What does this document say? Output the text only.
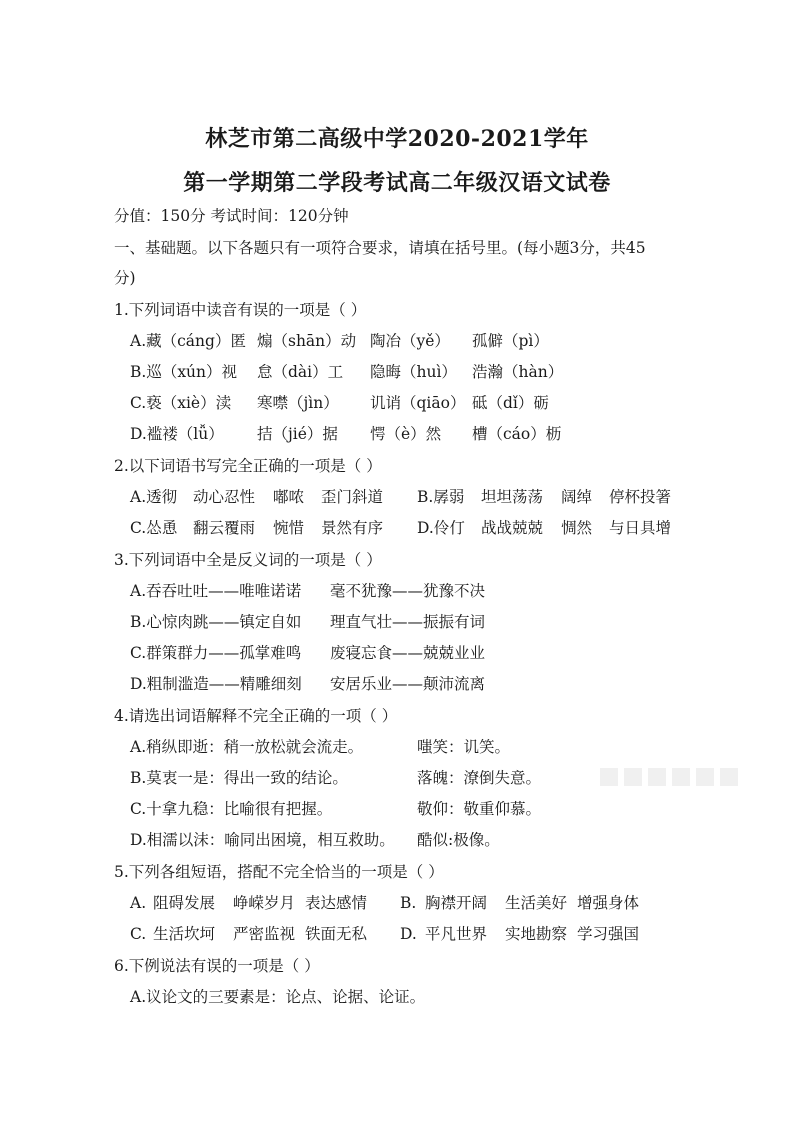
林芝市第二高级中学2020-2021学年
第一学期第二学段考试高二年级汉语文试卷
分值：150分 考试时间：120分钟
一、基础题。以下各题只有一项符合要求，请填在括号里。(每小题3分，共45
分)
1.下列词语中读音有误的一项是（ ）
A.藏（cáng）匿 煽（shān）动 陶冶（yě） 孤僻（pì）
B.巡（xún）视 怠（dài）工 隐晦（huì） 浩瀚（hàn）
C.亵（xiè）渎 寒噤（jìn） 讥诮（qiāo） 砥（dǐ）砺
D.褴褛（lǚ） 拮（jié）据 愕（è）然 槽（cáo）枥
2.以下词语书写完全正确的一项是（ ）
A.透彻 动心忍性 嘟哝 歪门斜道 B.孱弱 坦坦荡荡 阔绰 停杯投箸
C.怂恿 翻云覆雨 惋惜 景然有序 D.伶仃 战战兢兢 惆然 与日具增
3.下列词语中全是反义词的一项是（ ）
A.吞吞吐吐——唯唯诺诺 毫不犹豫——犹豫不决
B.心惊肉跳——镇定自如 理直气壮——振振有词
C.群策群力——孤掌难鸣 废寝忘食——兢兢业业
D.粗制滥造——精雕细刻 安居乐业——颠沛流离
4.请选出词语解释不完全正确的一项（ ）
A.稍纵即逝：稍一放松就会流走。	嗤笑：讥笑。
B.莫衷一是：得出一致的结论。	落魄：潦倒失意。
C.十拿九稳：比喻很有把握。	敬仰：敬重仰慕。
D.相濡以沫：喻同出困境，相互救助。 酷似:极像。
5.下列各组短语，搭配不完全恰当的一项是（ ）
A. 阻碍发展 峥嵘岁月 表达感情 B. 胸襟开阔 生活美好 增强身体
C. 生活坎坷 严密监视 铁面无私 D. 平凡世界 实地勘察 学习强国
6.下例说法有误的一项是（ ）
A.议论文的三要素是：论点、论据、论证。
